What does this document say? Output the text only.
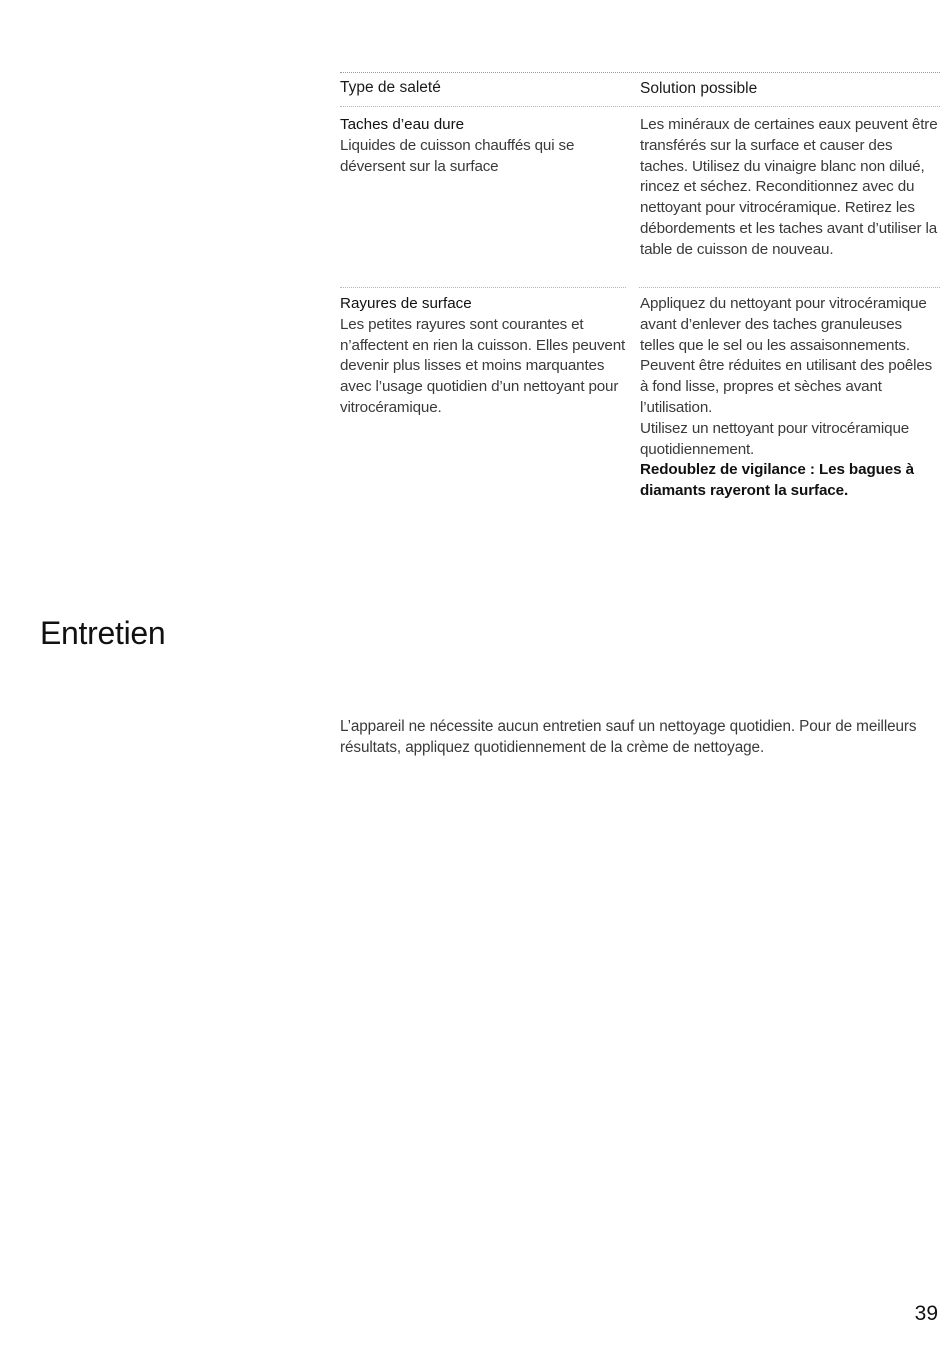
Type de saleté	Solution possible
Taches d’eau dure
Liquides de cuisson chauffés qui se déversent sur la surface
Les minéraux de certaines eaux peuvent être transférés sur la surface et causer des taches. Utilisez du vinaigre blanc non dilué, rincez et séchez. Reconditionnez avec du nettoyant pour vitrocéramique. Retirez les débordements et les taches avant d’utiliser la table de cuisson de nouveau.
Rayures de surface
Les petites rayures sont courantes et n’affectent en rien la cuisson. Elles peuvent devenir plus lisses et moins marquantes avec l’usage quotidien d’un nettoyant pour vitrocéramique.
Appliquez du nettoyant pour vitrocéramique avant d’enlever des taches granuleuses telles que le sel ou les assaisonnements.
Peuvent être réduites en utilisant des poêles à fond lisse, propres et sèches avant l’utilisation.
Utilisez un nettoyant pour vitrocéramique quotidiennement.
Redoublez de vigilance : Les bagues à diamants rayeront la surface.
Entretien

L’appareil ne nécessite aucun entretien sauf un nettoyage quotidien. Pour de meilleurs résultats, appliquez quotidiennement de la crème de nettoyage.

39
